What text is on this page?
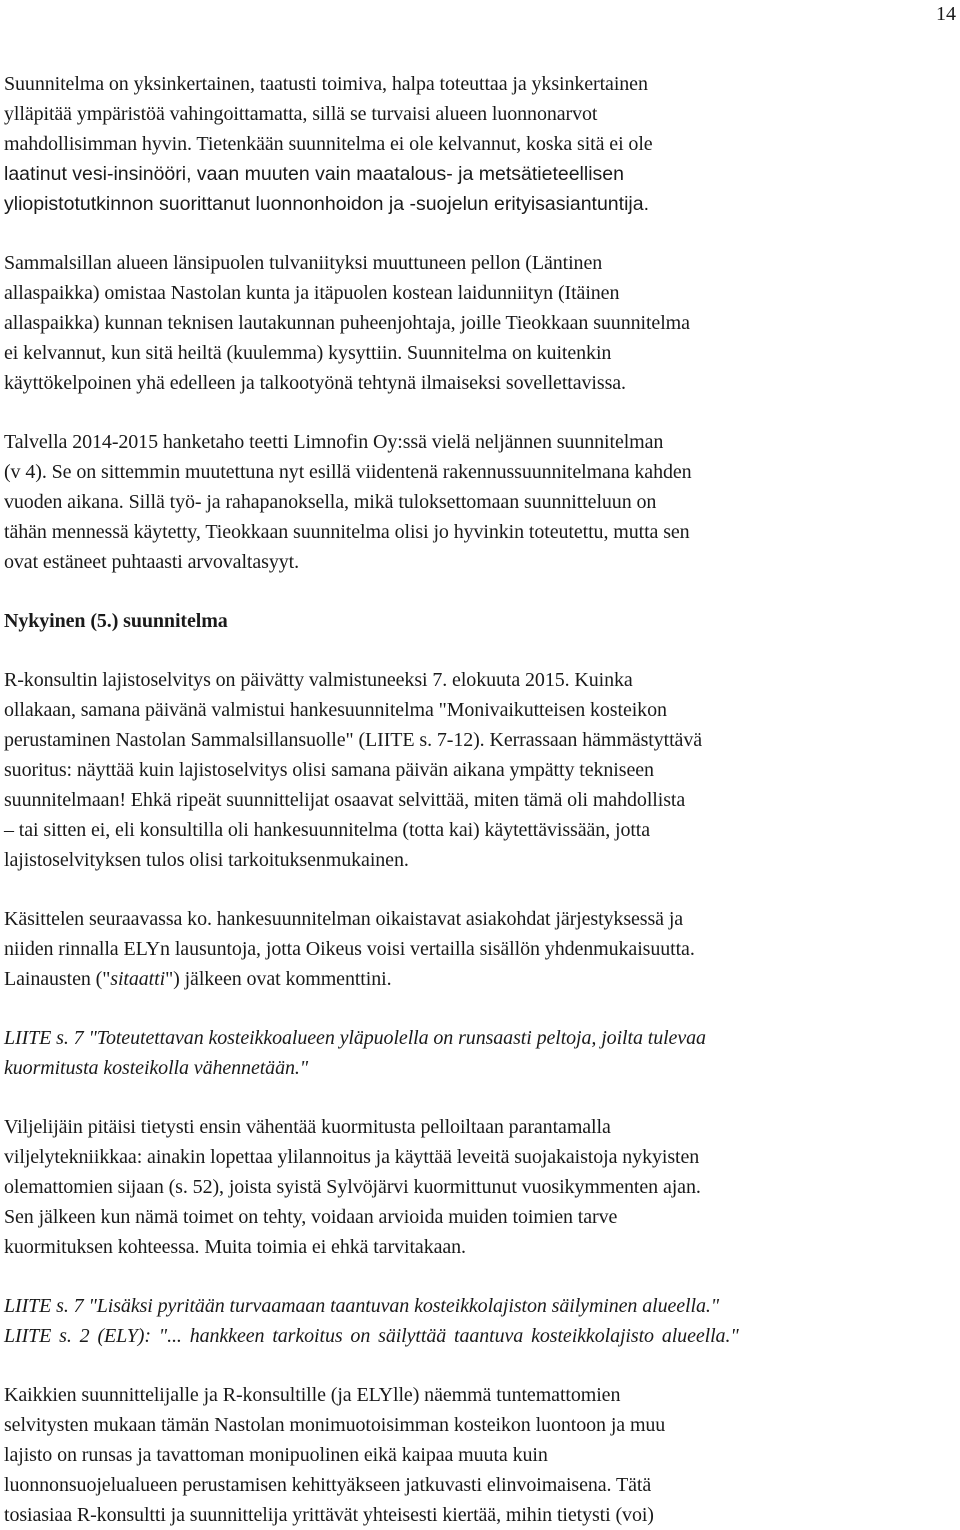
14
Suunnitelma on yksinkertainen, taatusti toimiva, halpa toteuttaa ja yksinkertainen
ylläpitää ympäristöä vahingoittamatta, sillä se turvaisi alueen luonnonarvot
mahdollisimman hyvin. Tietenkään suunnitelma ei ole kelvannut, koska sitä ei ole
laatinut vesi-insinööri, vaan muuten vain maatalous- ja metsätieteellisen
yliopistotutkinnon suorittanut luonnonhoidon ja -suojelun erityisasiantuntija.
Sammalsillan alueen länsipuolen tulvaniityksi muuttuneen pellon (Läntinen
allaspaikka) omistaa Nastolan kunta ja itäpuolen kostean laidunniityn (Itäinen
allaspaikka) kunnan teknisen lautakunnan puheenjohtaja, joille Tieokkaan suunnitelma
ei kelvannut, kun sitä heiltä (kuulemma) kysyttiin. Suunnitelma on kuitenkin
käyttökelpoinen yhä edelleen ja talkootyönä tehtynä ilmaiseksi sovellettavissa.
Talvella 2014-2015 hanketaho teetti Limnofin Oy:ssä vielä neljännen suunnitelman
(v 4). Se on sittemmin muutettuna nyt esillä viidentenä rakennussuunnitelmana kahden
vuoden aikana. Sillä työ- ja rahapanoksella, mikä tuloksettomaan suunnitteluun on
tähän mennessä käytetty, Tieokkaan suunnitelma olisi jo hyvinkin toteutettu, mutta sen
ovat estäneet puhtaasti arvovaltasyyt.
Nykyinen (5.) suunnitelma
R-konsultin lajistoselvitys on päivätty valmistuneeksi 7. elokuuta 2015. Kuinka
ollakaan, samana päivänä valmistui hankesuunnitelma "Monivaikutteisen kosteikon
perustaminen Nastolan Sammalsillansuolle" (LIITE s. 7-12). Kerrassaan hämmästyttävä
suoritus: näyttää kuin lajistoselvitys olisi samana päivän aikana ympätty tekniseen
suunnitelmaan! Ehkä ripeät suunnittelijat osaavat selvittää, miten tämä oli mahdollista
– tai sitten ei, eli konsultilla oli hankesuunnitelma (totta kai) käytettävissään, jotta
lajistoselvityksen tulos olisi tarkoituksenmukainen.
Käsittelen seuraavassa ko. hankesuunnitelman oikaistavat asiakohdat järjestyksessä ja
niiden rinnalla ELYn lausuntoja, jotta Oikeus voisi vertailla sisällön yhdenmukaisuutta.
Lainausten ("sitaatti") jälkeen ovat kommenttini.
LIITE s. 7 "Toteutettavan kosteikkoalueen yläpuolella on runsaasti peltoja, joilta tulevaa
kuormitusta kosteikolla vähennetään."
Viljelijäin pitäisi tietysti ensin vähentää kuormitusta pelloiltaan parantamalla
viljelytekniikkaa: ainakin lopettaa ylilannoitus ja käyttää leveitä suojakaistoja nykyisten
olemattomien sijaan (s. 52), joista syistä Sylvöjärvi kuormittunut vuosikymmenten ajan.
Sen jälkeen kun nämä toimet on tehty, voidaan arvioida muiden toimien tarve
kuormituksen kohteessa. Muita toimia ei ehkä tarvitakaan.
LIITE s. 7 "Lisäksi pyritään turvaamaan taantuvan kosteikkolajiston säilyminen alueella."
LIITE s. 2 (ELY): "... hankkeen tarkoitus on säilyttää taantuva kosteikkolajisto alueella."
Kaikkien suunnittelijalle ja R-konsultille (ja ELYlle) näemmä tuntemattomien
selvitysten mukaan tämän Nastolan monimuotoisimman kosteikon luontoon ja muu
lajisto on runsas ja tavattoman monipuolinen eikä kaipaa muuta kuin
luonnonsuojelualueen perustamisen kehittyäkseen jatkuvasti elinvoimaisena. Tätä
tosiasiaa R-konsultti ja suunnittelija yrittävät yhteisesti kiertää, mihin tietysti (voi)
